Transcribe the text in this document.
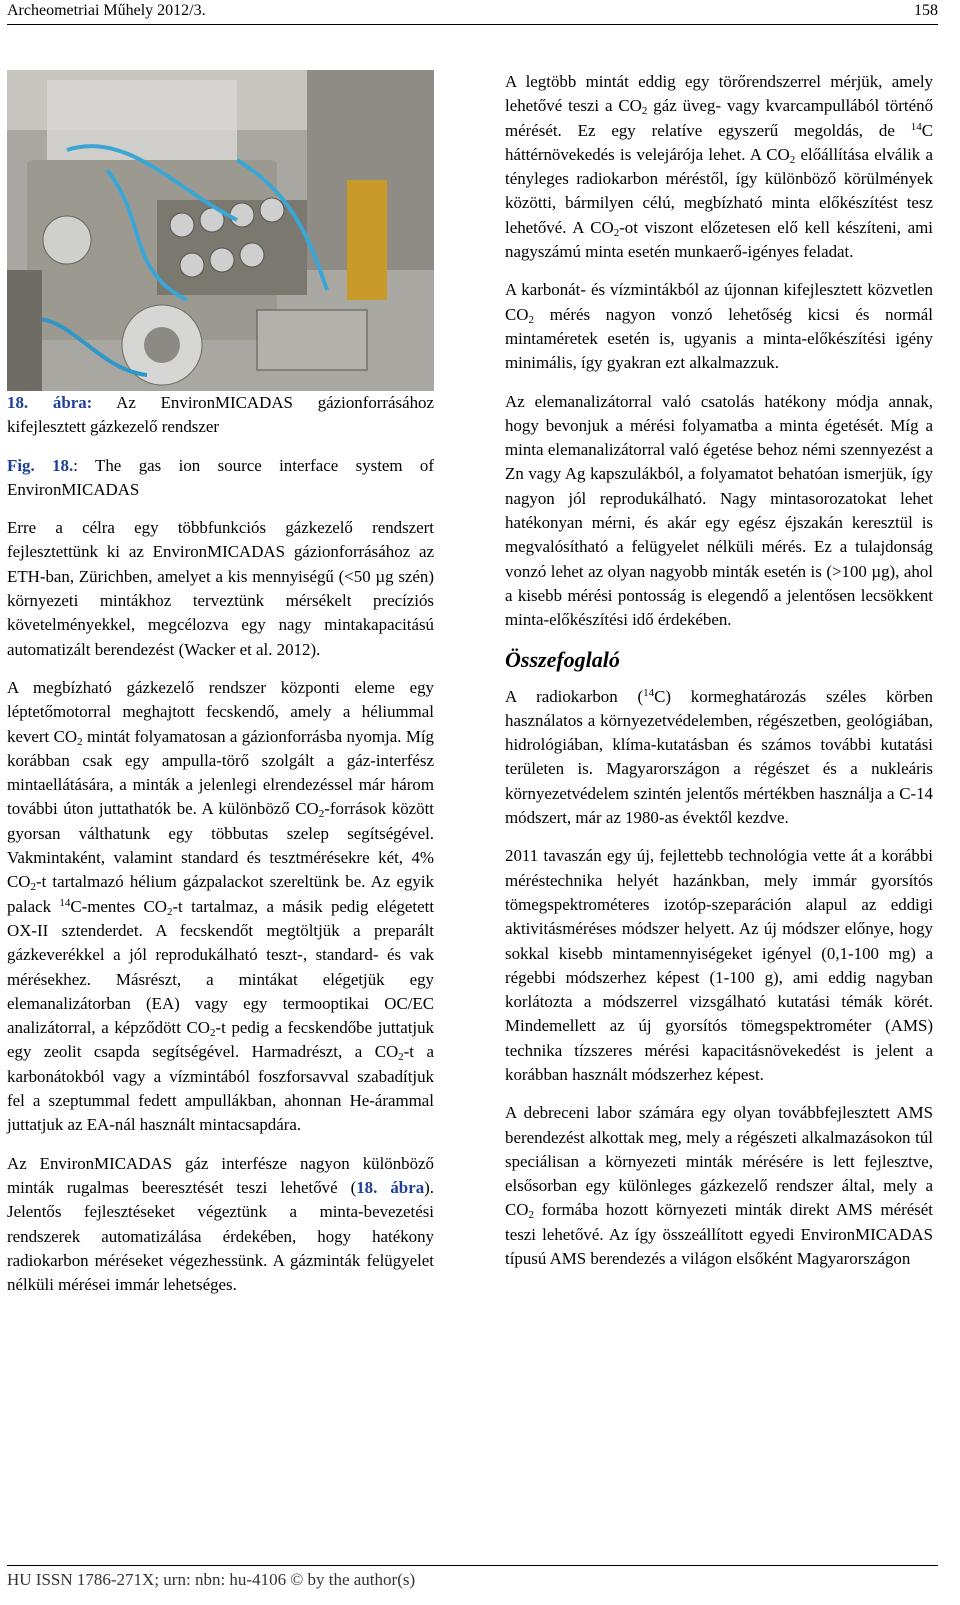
Archeometriai Műhely 2012/3.	158

18. ábra: Az EnvironMICADAS gázionforrásához kifejlesztett gázkezelő rendszer

Fig. 18.: The gas ion source interface system of EnvironMICADAS

Erre a célra egy többfunkciós gázkezelő rendszert fejlesztettünk ki az EnvironMICADAS gázionforrásához az ETH-ban, Zürichben, amelyet a kis mennyiségű (<50 µg szén) környezeti mintákhoz terveztünk mérsékelt precíziós követelményekkel, megcélozva egy nagy mintakapacitású automatizált berendezést (Wacker et al. 2012).

A megbízható gázkezelő rendszer központi eleme egy léptetőmotorral meghajtott fecskendő, amely a héliummal kevert $CO_2$ mintát folyamatosan a gázionforrásba nyomja. Míg korábban csak egy ampulla-törő szolgált a gáz-interfész mintaellátására, a minták a jelenlegi elrendezéssel már három további úton juttathatók be. A különböző $CO_2$-források között gyorsan válthatunk egy többutas szelep segítségével. Vakmintaként, valamint standard és tesztmérésekre két, 4% $CO_2-t$ tartalmazó hélium gázpalackot szereltünk be. Az egyik palack $^{14}$C-mentes $CO_2-t$ tartalmaz, a másik pedig elégetett OX-II sztenderdet. A fecskendőt megtöltjük a preparált gázkeverékkel a jól reprodukálható teszt-, standard- és vak mérésekhez. Másrészt, a mintákat elégetjük egy elemanalizátorban (EA) vagy egy termooptikai OC/EC analizátorral, a képződött $CO_2-t$ pedig a fecskendőbe juttatjuk egy zeolit csapda segítségével. Harmadrészt, a $CO_2-t$ a karbonátokból vagy a vízmintából foszforsavval szabadítjuk fel a szeptummal fedett ampullákban, ahonnan He-árammal juttatjuk az EA-nál használt mintacsapdára.

Az EnvironMICADAS gáz interfésze nagyon különböző minták rugalmas beeresztését teszi lehetővé (18. ábra). Jelentős fejlesztéseket végeztünk a minta-bevezetési rendszerek automatizálása érdekében, hogy hatékony radiokarbon méréseket végezhessünk. A gázminták felügyelet nélküli mérései immár lehetséges.

A legtöbb mintát eddig egy törőrendszerrel mérjük, amely lehetővé teszi a $CO_2$ gáz üveg- vagy kvarcampullából történő mérését. Ez egy relatíve egyszerű megoldás, de $^{14}$C háttérnövekedés is velejárója lehet. A $CO_2$ előállítása elválik a tényleges radiokarbon méréstől, így különböző körülmények közötti, bármilyen célú, megbízható minta előkészítést tesz lehetővé. A $CO_2-ot$ viszont előzetesen elő kell készíteni, ami nagyszámú minta esetén munkaerő-igényes feladat.

A karbonát- és vízmintákból az újonnan kifejlesztett közvetlen $CO_2$ mérés nagyon vonzó lehetőség kicsi és normál mintaméretek esetén is, ugyanis a minta-előkészítési igény minimális, így gyakran ezt alkalmazzuk.

Az elemanalizátorral való csatolás hatékony módja annak, hogy bevonjuk a mérési folyamatba a minta égetését. Míg a minta elemanalizátorral való égetése behoz némi szennyezést a Zn vagy Ag kapszulákból, a folyamatot behatóan ismerjük, így nagyon jól reprodukálható. Nagy mintasorozatokat lehet hatékonyan mérni, és akár egy egész éjszakán keresztül is megvalósítható a felügyelet nélküli mérés. Ez a tulajdonság vonzó lehet az olyan nagyobb minták esetén is (>100 µg), ahol a kisebb mérési pontosság is elegendő a jelentősen lecsökkent minta-előkészítési idő érdekében.

Összefoglaló

A radiokarbon ($^{14}$C) kormeghatározás széles körben használatos a környezetvédelemben, régészetben, geológiában, hidrológiában, klíma-kutatásban és számos további kutatási területen is. Magyarországon a régészet és a nukleáris környezetvédelem szintén jelentős mértékben használja a C-14 módszert, már az 1980-as évektől kezdve.

2011 tavaszán egy új, fejlettebb technológia vette át a korábbi méréstechnika helyét hazánkban, mely immár gyorsítós tömegspektrométeres izotóp-szeparáción alapul az eddigi aktivitásméréses módszer helyett. Az új módszer előnye, hogy sokkal kisebb mintamennyiségeket igényel (0,1-100 mg) a régebbi módszerhez képest (1-100 g), ami eddig nagyban korlátozta a módszerrel vizsgálható kutatási témák körét. Mindemellett az új gyorsítós tömegspektrométer (AMS) technika tízszeres mérési kapacitásnövekedést is jelent a korábban használt módszerhez képest.

A debreceni labor számára egy olyan továbbfejlesztett AMS berendezést alkottak meg, mely a régészeti alkalmazásokon túl speciálisan a környezeti minták mérésére is lett fejlesztve, elsősorban egy különleges gázkezelő rendszer által, mely a $CO_2$ formába hozott környezeti minták direkt AMS mérését teszi lehetővé. Az így összeállított egyedi EnvironMICADAS típusú AMS berendezés a világon elsőként Magyarországon

HU ISSN 1786-271X; urn: nbn: hu-4106 © by the author(s)
